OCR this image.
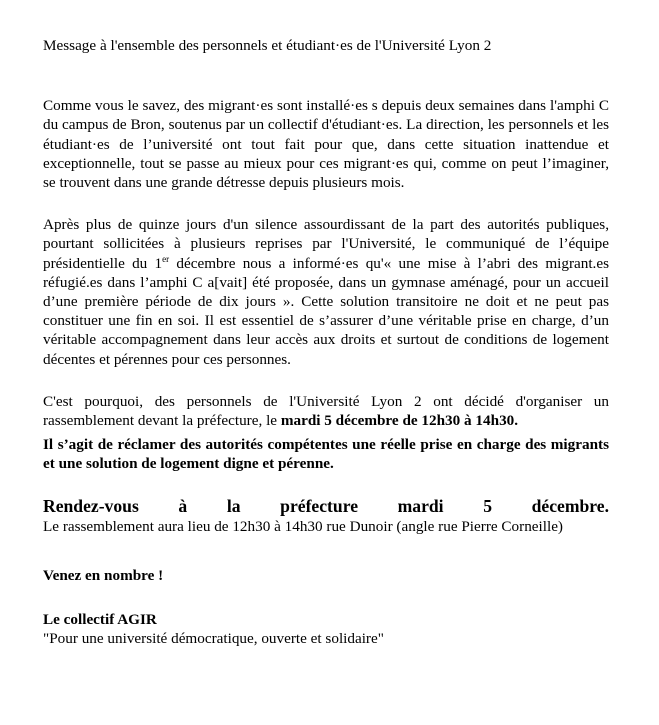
Message à l'ensemble des personnels et étudiant·es de l'Université Lyon 2

Comme vous le savez, des migrant·es sont installé·es s depuis deux semaines dans l'amphi C du campus de Bron, soutenus par un collectif d'étudiant·es. La direction, les personnels et les étudiant·es de l’université ont tout fait pour que, dans cette situation inattendue et exceptionnelle, tout se passe au mieux pour ces migrant·es qui, comme on peut l’imaginer, se trouvent dans une grande détresse depuis plusieurs mois.

Après plus de quinze jours d'un silence assourdissant de la part des autorités publiques, pourtant sollicitées à plusieurs reprises par l'Université, le communiqué de l’équipe présidentielle du 1er décembre nous a informé·es qu'« une mise à l’abri des migrant.es réfugié.es dans l’amphi C a[vait] été proposée, dans un gymnase aménagé, pour un accueil d’une première période de dix jours ». Cette solution transitoire ne doit et ne peut pas constituer une fin en soi. Il est essentiel de s’assurer d’une véritable prise en charge, d’un véritable accompagnement dans leur accès aux droits et surtout de conditions de logement décentes et pérennes pour ces personnes.

C'est pourquoi, des personnels de l'Université Lyon 2 ont décidé d'organiser un rassemblement devant la préfecture, le mardi 5 décembre de 12h30 à 14h30.

Il s’agit de réclamer des autorités compétentes une réelle prise en charge des migrants et une solution de logement digne et pérenne.

Rendez-vous à la préfecture mardi 5 décembre.

Le rassemblement aura lieu de 12h30 à 14h30 rue Dunoir (angle rue Pierre Corneille)

Venez en nombre !

Le collectif AGIR

"Pour une université démocratique, ouverte et solidaire"
